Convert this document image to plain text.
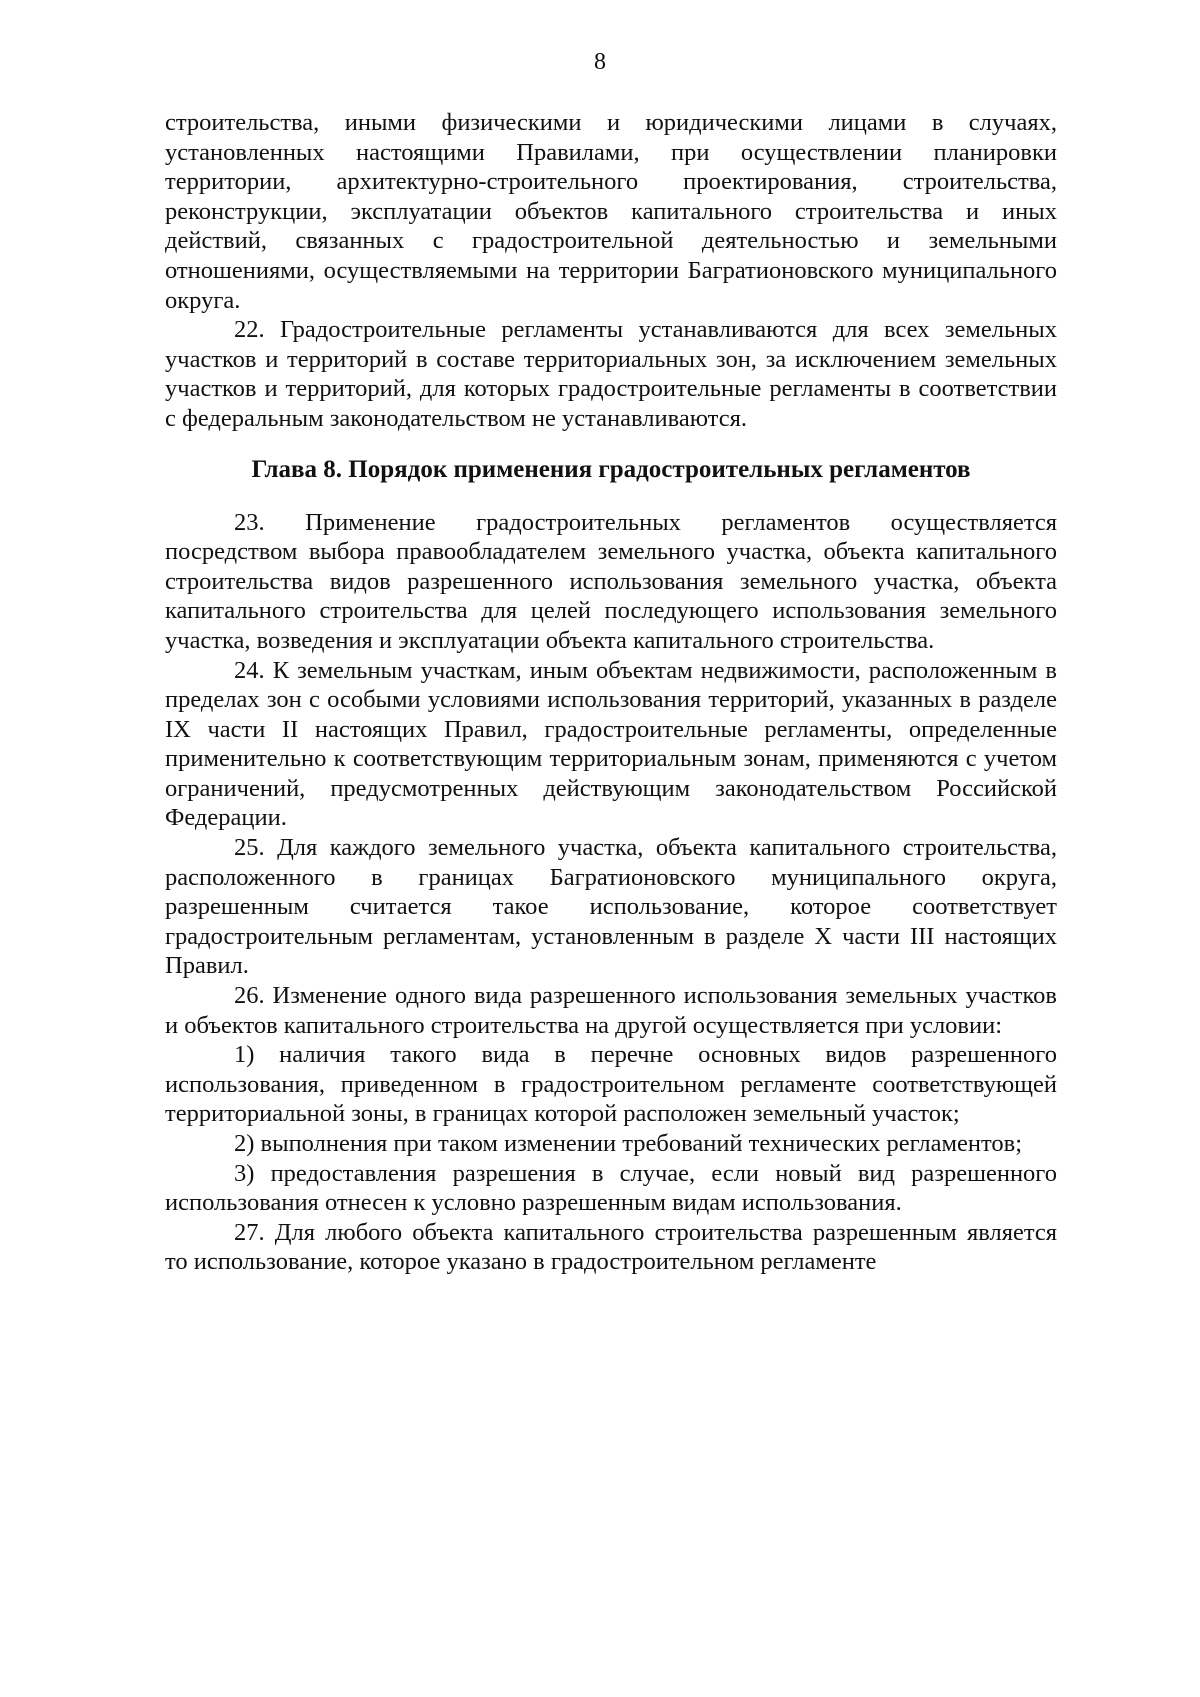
8

строительства, иными физическими и юридическими лицами в случаях, установленных настоящими Правилами, при осуществлении планировки территории, архитектурно-строительного проектирования, строительства, реконструкции, эксплуатации объектов капитального строительства и иных действий, связанных с градостроительной деятельностью и земельными отношениями, осуществляемыми на территории Багратионовского муниципального округа.

22. Градостроительные регламенты устанавливаются для всех земельных участков и территорий в составе территориальных зон, за исключением земельных участков и территорий, для которых градостроительные регламенты в соответствии с федеральным законодательством не устанавливаются.

Глава 8. Порядок применения градостроительных регламентов

23. Применение градостроительных регламентов осуществляется посредством выбора правообладателем земельного участка, объекта капитального строительства видов разрешенного использования земельного участка, объекта капитального строительства для целей последующего использования земельного участка, возведения и эксплуатации объекта капитального строительства.

24. К земельным участкам, иным объектам недвижимости, расположенным в пределах зон с особыми условиями использования территорий, указанных в разделе IX части II настоящих Правил, градостроительные регламенты, определенные применительно к соответствующим территориальным зонам, применяются с учетом ограничений, предусмотренных действующим законодательством Российской Федерации.

25. Для каждого земельного участка, объекта капитального строительства, расположенного в границах Багратионовского муниципального округа, разрешенным считается такое использование, которое соответствует градостроительным регламентам, установленным в разделе X части III настоящих Правил.

26. Изменение одного вида разрешенного использования земельных участков и объектов капитального строительства на другой осуществляется при условии:

1) наличия такого вида в перечне основных видов разрешенного использования, приведенном в градостроительном регламенте соответствующей территориальной зоны, в границах которой расположен земельный участок;

2) выполнения при таком изменении требований технических регламентов;

3) предоставления разрешения в случае, если новый вид разрешенного использования отнесен к условно разрешенным видам использования.

27. Для любого объекта капитального строительства разрешенным является то использование, которое указано в градостроительном регламенте
